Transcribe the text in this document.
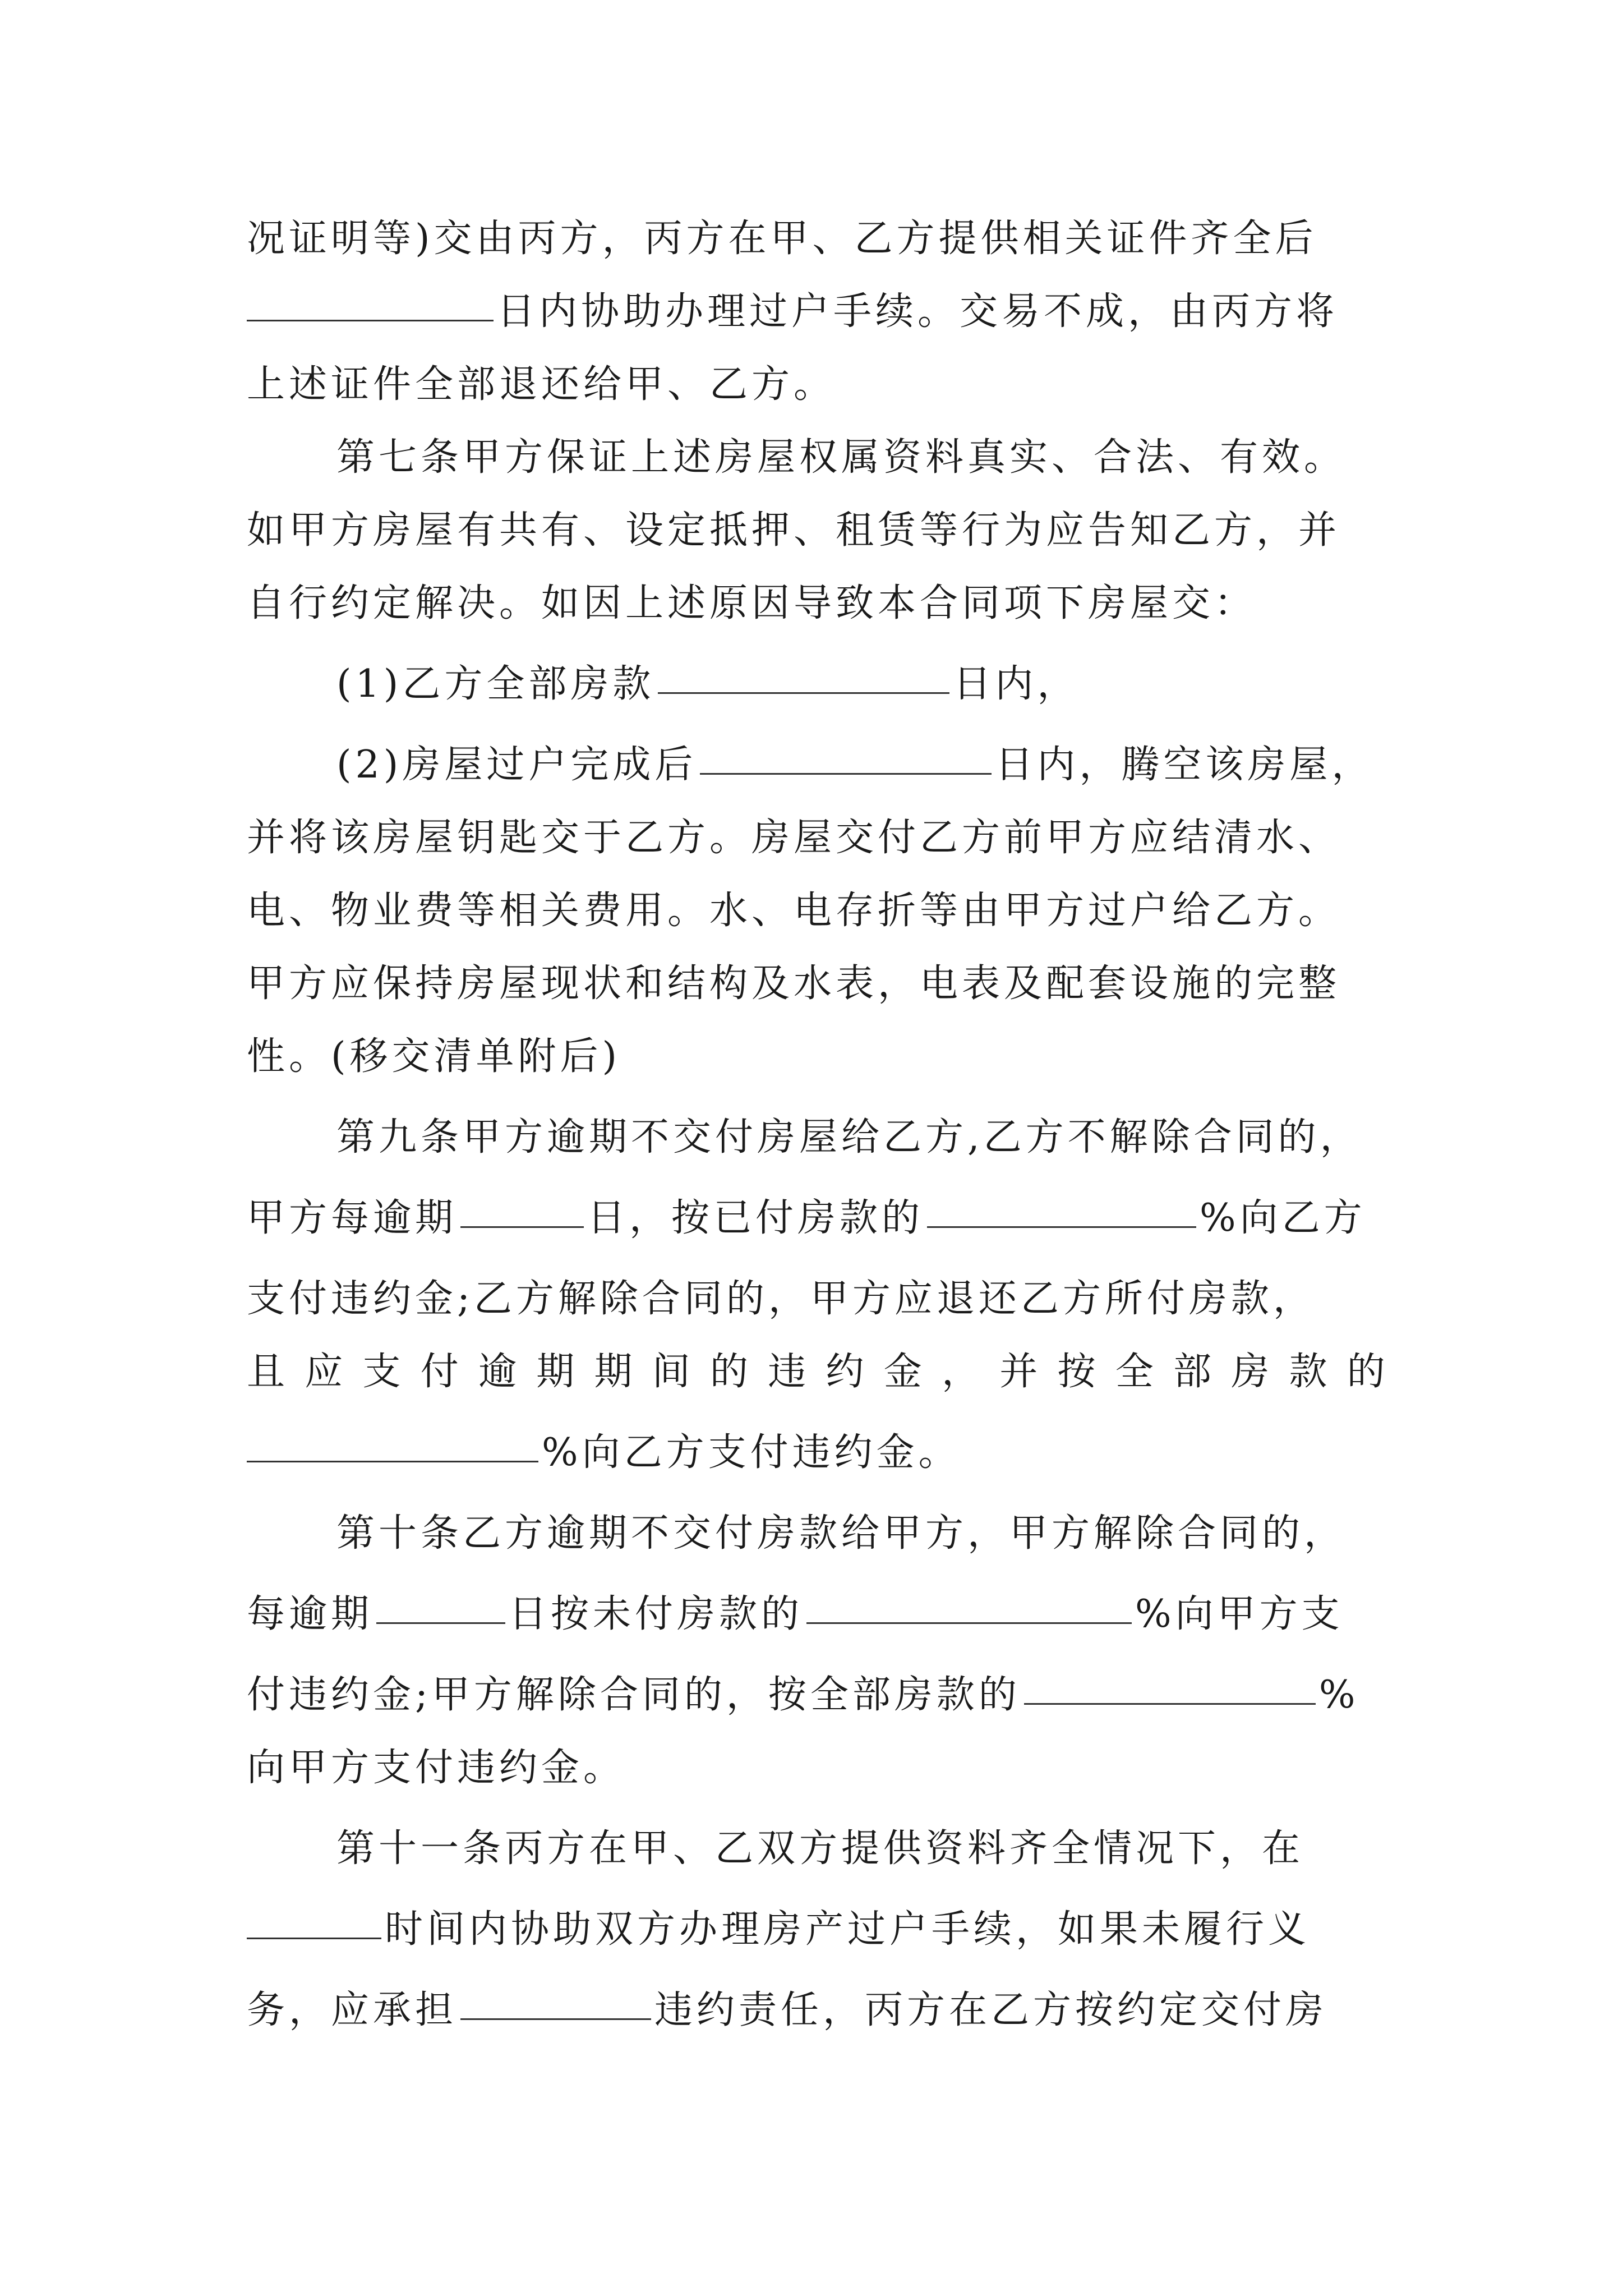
况证明等)交由丙方，丙方在甲、乙方提供相关证件齐全后
日内协助办理过户手续。交易不成，由丙方将
上述证件全部退还给甲、乙方。
第七条甲方保证上述房屋权属资料真实、合法、有效。
如甲方房屋有共有、设定抵押、租赁等行为应告知乙方，并
自行约定解决。如因上述原因导致本合同项下房屋交：
(1)乙方全部房款	日内，
(2)房屋过户完成后	日内，腾空该房屋，
并将该房屋钥匙交于乙方。房屋交付乙方前甲方应结清水、
电、物业费等相关费用。水、电存折等由甲方过户给乙方。
甲方应保持房屋现状和结构及水表，电表及配套设施的完整
性。(移交清单附后)
第九条甲方逾期不交付房屋给乙方,乙方不解除合同的，
甲方每逾期	日，按已付房款的	%向乙方
支付违约金;乙方解除合同的，甲方应退还乙方所付房款，
且 应 支 付 逾 期 期 间 的 违 约 金 ， 并 按 全 部 房 款 的
%向乙方支付违约金。
第十条乙方逾期不交付房款给甲方，甲方解除合同的，
每逾期	日按未付房款的	%向甲方支
付违约金;甲方解除合同的，按全部房款的	%
向甲方支付违约金。
第十一条丙方在甲、乙双方提供资料齐全情况下，在
时间内协助双方办理房产过户手续，如果未履行义
务，应承担	违约责任，丙方在乙方按约定交付房
